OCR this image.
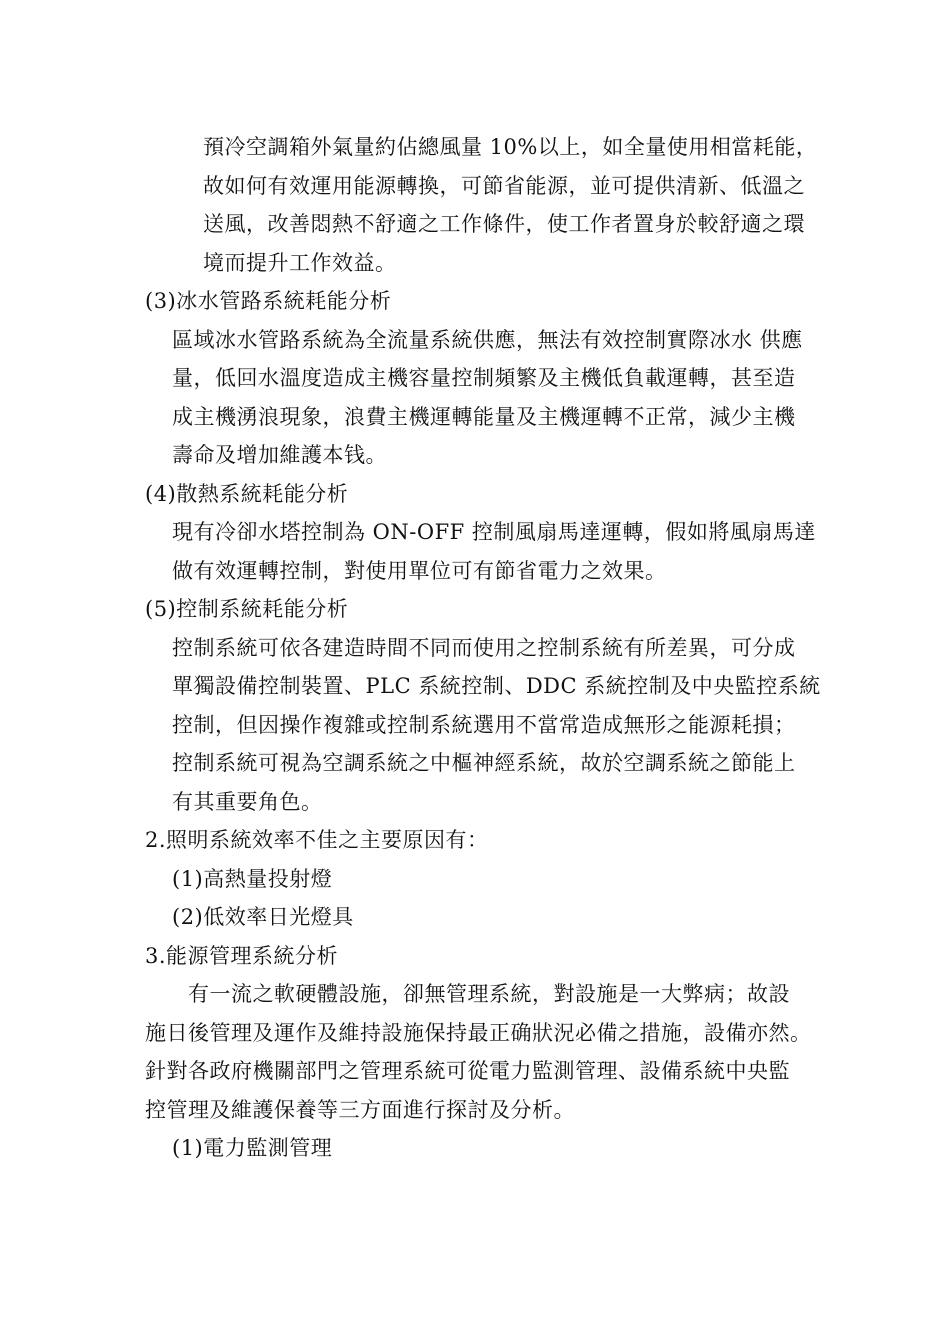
預冷空調箱外氣量約佔總風量 10%以上，如全量使用相當耗能，
故如何有效運用能源轉換，可節省能源，並可提供清新、低溫之
送風，改善悶熱不舒適之工作條件，使工作者置身於較舒適之環
境而提升工作效益。
(3)冰水管路系統耗能分析
區域冰水管路系統為全流量系統供應，無法有效控制實際冰水 供應
量，低回水溫度造成主機容量控制頻繁及主機低負載運轉，甚至造
成主機湧浪現象，浪費主機運轉能量及主機運轉不正常，減少主機
壽命及增加維護本钱。
(4)散熱系統耗能分析
現有冷卻水塔控制為 ON-OFF 控制風扇馬達運轉，假如將風扇馬達
做有效運轉控制，對使用單位可有節省電力之效果。
(5)控制系統耗能分析
控制系統可依各建造時間不同而使用之控制系統有所差異，可分成
單獨設備控制裝置、PLC 系統控制、DDC 系統控制及中央監控系統
控制，但因操作複雜或控制系統選用不當常造成無形之能源耗損；
控制系統可視為空調系統之中樞神經系統，故於空調系統之節能上
有其重要角色。
2.照明系統效率不佳之主要原因有：
(1)高熱量投射燈
(2)低效率日光燈具
3.能源管理系統分析
有一流之軟硬體設施，卻無管理系統，對設施是一大弊病；故設
施日後管理及運作及維持設施保持最正确狀況必備之措施，設備亦然。
針對各政府機關部門之管理系統可從電力監測管理、設備系統中央監
控管理及維護保養等三方面進行探討及分析。
(1)電力監測管理
